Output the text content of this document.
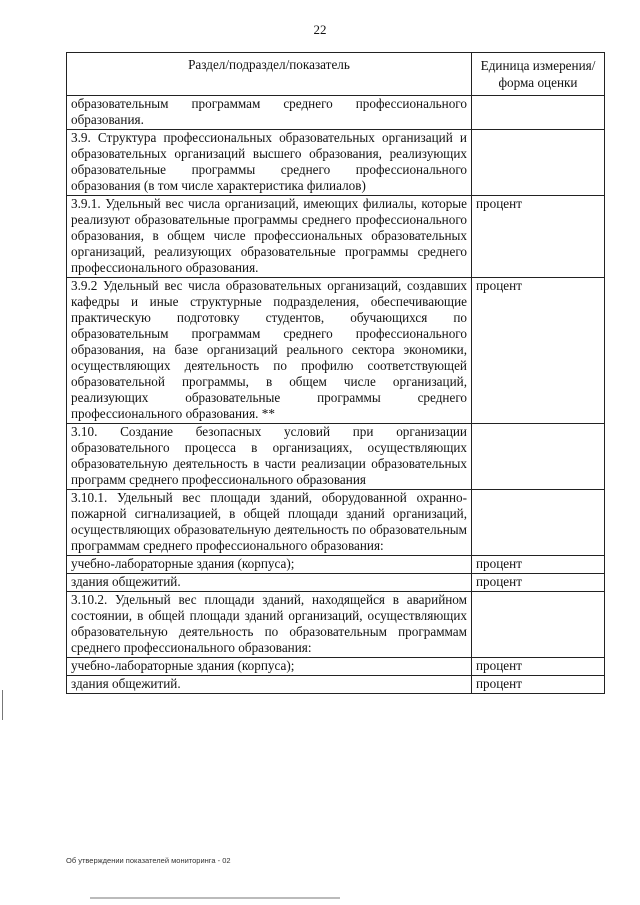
22
Раздел/подраздел/показатель	Единица измерения/ форма оценки
образовательным программам среднего профессионального образования.	
3.9. Структура профессиональных образовательных организаций и образовательных организаций высшего образования, реализующих образовательные программы среднего профессионального образования (в том числе характеристика филиалов)	
3.9.1. Удельный вес числа организаций, имеющих филиалы, которые реализуют образовательные программы среднего профессионального образования, в общем числе профессиональных образовательных организаций, реализующих образовательные программы среднего профессионального образования.	процент
3.9.2 Удельный вес числа образовательных организаций, создавших кафедры и иные структурные подразделения, обеспечивающие практическую подготовку студентов, обучающихся по образовательным программам среднего профессионального образования, на базе организаций реального сектора экономики, осуществляющих деятельность по профилю соответствующей образовательной программы, в общем числе организаций, реализующих образовательные программы среднего профессионального образования. **	процент
3.10. Создание безопасных условий при организации образовательного процесса в организациях, осуществляющих образовательную деятельность в части реализации образовательных программ среднего профессионального образования	
3.10.1. Удельный вес площади зданий, оборудованной охранно-пожарной сигнализацией, в общей площади зданий организаций, осуществляющих образовательную деятельность по образовательным программам среднего профессионального образования:	
учебно-лабораторные здания (корпуса);	процент
здания общежитий.	процент
3.10.2. Удельный вес площади зданий, находящейся в аварийном состоянии, в общей площади зданий организаций, осуществляющих образовательную деятельность по образовательным программам среднего профессионального образования:	
учебно-лабораторные здания (корпуса);	процент
здания общежитий.	процент
Об утверждении показателей мониторинга - 02
